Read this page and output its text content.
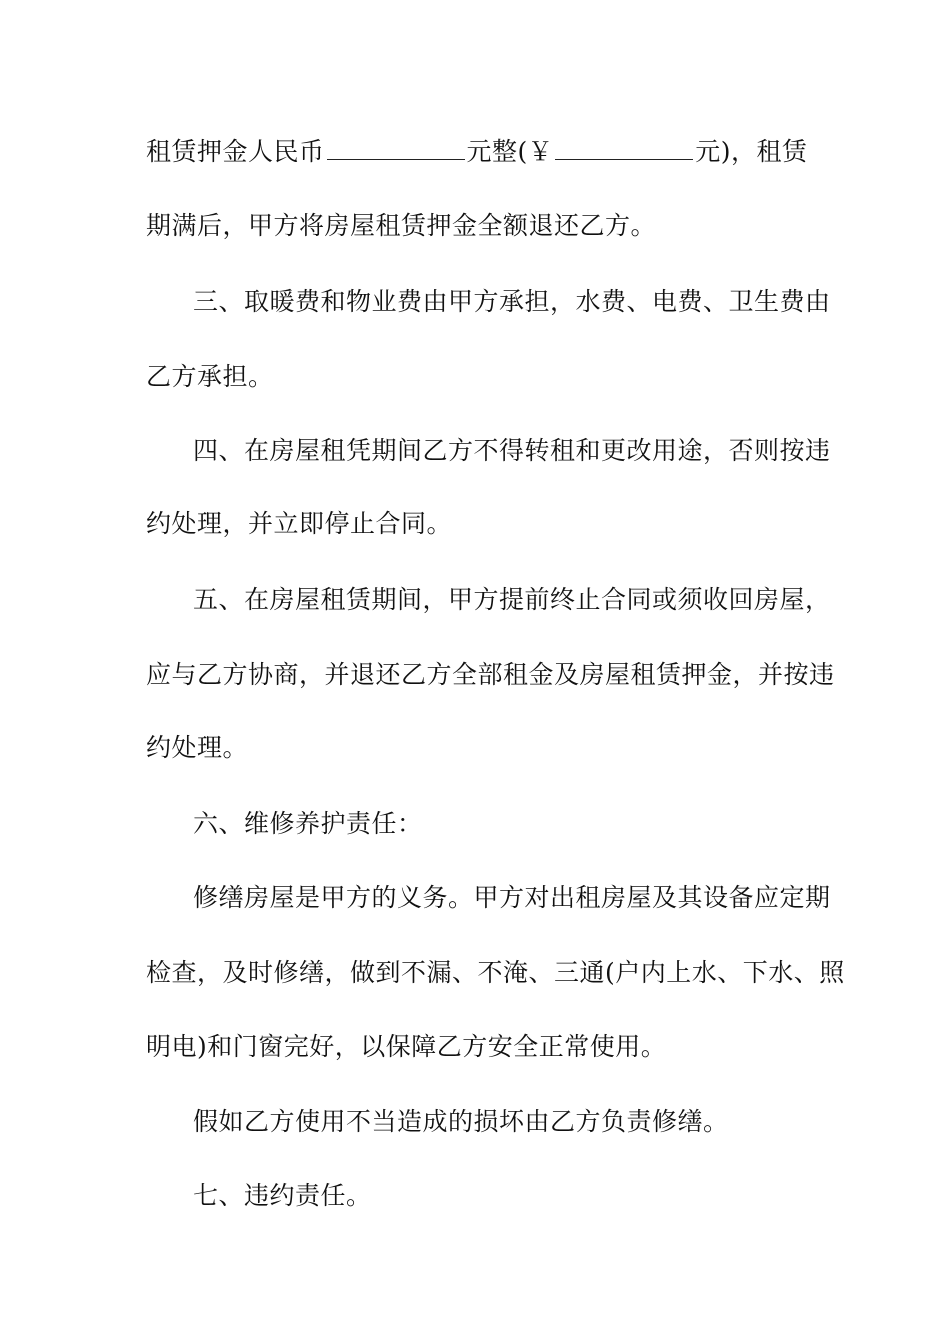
租赁押金人民币	元整(￥	元)，租赁
期满后，甲方将房屋租赁押金全额退还乙方。
三、取暖费和物业费由甲方承担，水费、电费、卫生费由
乙方承担。
四、在房屋租凭期间乙方不得转租和更改用途，否则按违
约处理，并立即停止合同。
五、在房屋租赁期间，甲方提前终止合同或须收回房屋，
应与乙方协商，并退还乙方全部租金及房屋租赁押金，并按违
约处理。
六、维修养护责任：
修缮房屋是甲方的义务。甲方对出租房屋及其设备应定期
检查，及时修缮，做到不漏、不淹、三通(户内上水、下水、照
明电)和门窗完好，以保障乙方安全正常使用。
假如乙方使用不当造成的损坏由乙方负责修缮。
七、违约责任。
